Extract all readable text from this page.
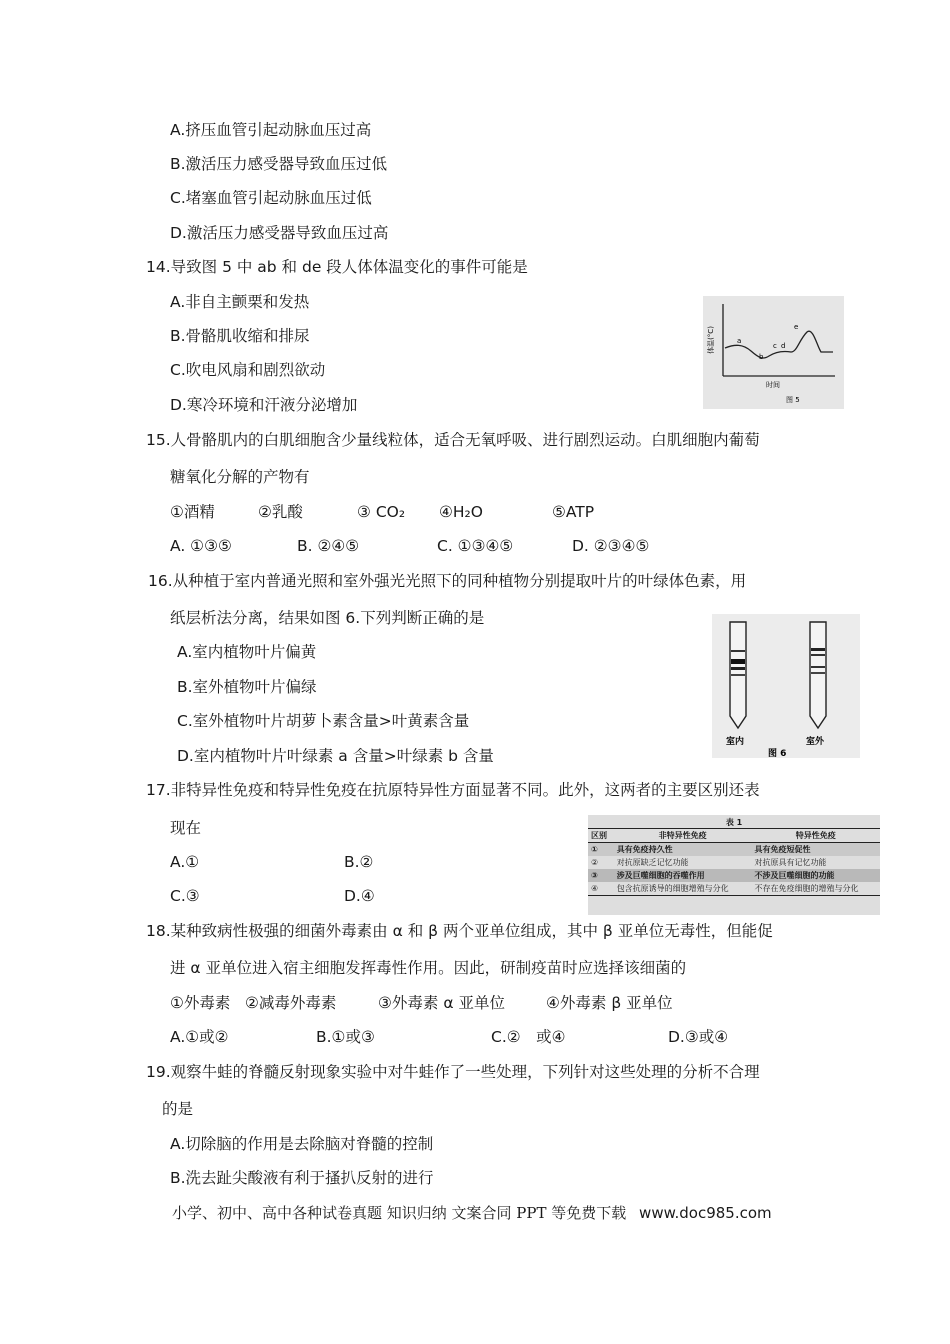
A.挤压血管引起动脉血压过高
B.激活压力感受器导致血压过低
C.堵塞血管引起动脉血压过低
D.激活压力感受器导致血压过高
14.导致图 5 中 ab 和 de 段人体体温变化的事件可能是
A.非自主颤栗和发热
B.骨骼肌收缩和排尿
C.吹电风扇和剧烈欲动
D.寒冷环境和汗液分泌增加
体温(°C)
时间
a
b
c d
e
图 5
15.人骨骼肌内的白肌细胞含少量线粒体，适合无氧呼吸、进行剧烈运动。白肌细胞内葡萄
糖氧化分解的产物有
①酒精	②乳酸	③ CO₂ ④H₂O	⑤ATP
A. ①③⑤	B. ②④⑤	C. ①③④⑤	D. ②③④⑤
16.从种植于室内普通光照和室外强光光照下的同种植物分别提取叶片的叶绿体色素，用
纸层析法分离，结果如图 6.下列判断正确的是
A.室内植物叶片偏黄
B.室外植物叶片偏绿
C.室外植物叶片胡萝卜素含量>叶黄素含量
D.室内植物叶片叶绿素 a 含量>叶绿素 b 含量
室内	室外
图 6
17.非特异性免疫和特异性免疫在抗原特异性方面显著不同。此外，这两者的主要区别还表
现在
A.①	B.②
C.③	D.④
表 1
区别	非特异性免疫	特异性免疫
①	具有免疫持久性	具有免疫短促性
②	对抗原缺乏记忆功能	对抗原具有记忆功能
③	涉及巨噬细胞的吞噬作用	不涉及巨噬细胞的功能
④	包含抗原诱导的细胞增殖与分化	不存在免疫细胞的增殖与分化
18.某种致病性极强的细菌外毒素由 α 和 β 两个亚单位组成，其中 β 亚单位无毒性，但能促
进 α 亚单位进入宿主细胞发挥毒性作用。因此，研制疫苗时应选择该细菌的
①外毒素 ②减毒外毒素	③外毒素 α 亚单位	④外毒素 β 亚单位
A.①或②	B.①或③	C.②　或④	D.③或④
19.观察牛蛙的脊髓反射现象实验中对牛蛙作了一些处理，下列针对这些处理的分析不合理
的是
A.切除脑的作用是去除脑对脊髓的控制
B.洗去趾尖酸液有利于搔扒反射的进行
小学、初中、高中各种试卷真题 知识归纳 文案合同 PPT 等免费下载 www.doc985.com
